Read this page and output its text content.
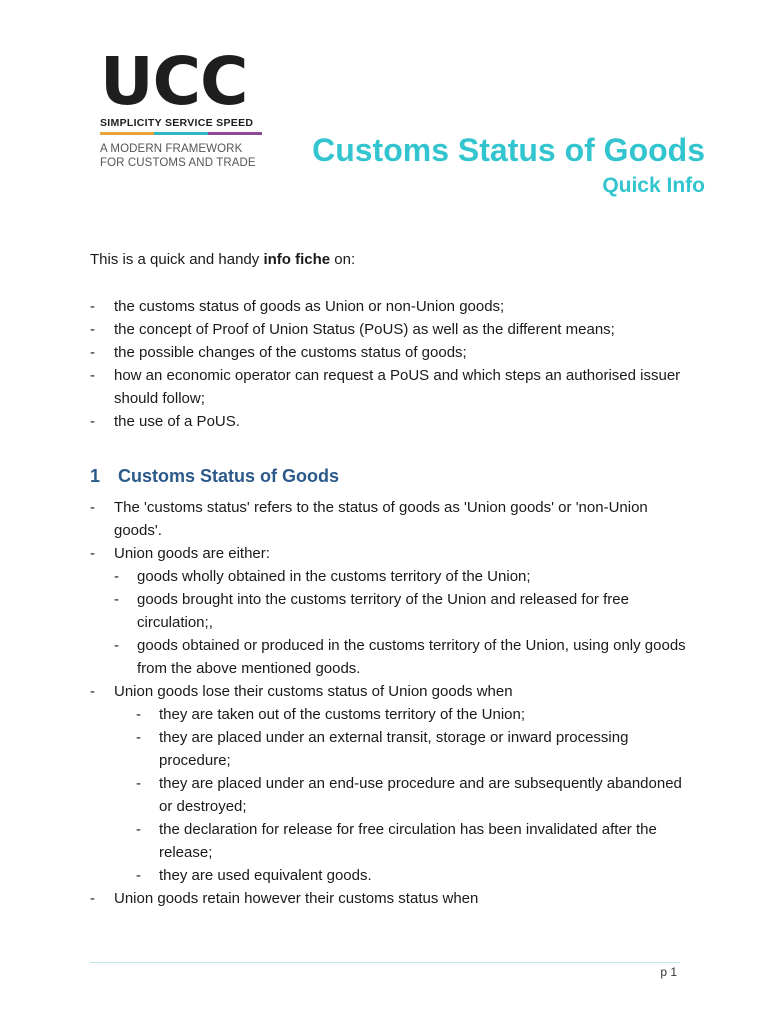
UCC
SIMPLICITY SERVICE SPEED
A MODERN FRAMEWORK
FOR CUSTOMS AND TRADE Customs Status of Goods
Quick Info

This is a quick and handy info fiche on:

- the customs status of goods as Union or non-Union goods;
- the concept of Proof of Union Status (PoUS) as well as the different means;
- the possible changes of the customs status of goods;
- how an economic operator can request a PoUS and which steps an authorised issuer should follow;
- the use of a PoUS.
1 Customs Status of Goods
- The 'customs status' refers to the status of goods as 'Union goods' or 'non-Union goods'.
- Union goods are either:
- goods wholly obtained in the customs territory of the Union;
- goods brought into the customs territory of the Union and released for free circulation;,
- goods obtained or produced in the customs territory of the Union, using only goods from the above mentioned goods.
- Union goods lose their customs status of Union goods when
- they are taken out of the customs territory of the Union;
- they are placed under an external transit, storage or inward processing procedure;
- they are placed under an end-use procedure and are subsequently abandoned or destroyed;
- the declaration for release for free circulation has been invalidated after the release;
- they are used equivalent goods.
- Union goods retain however their customs status when
p 1
